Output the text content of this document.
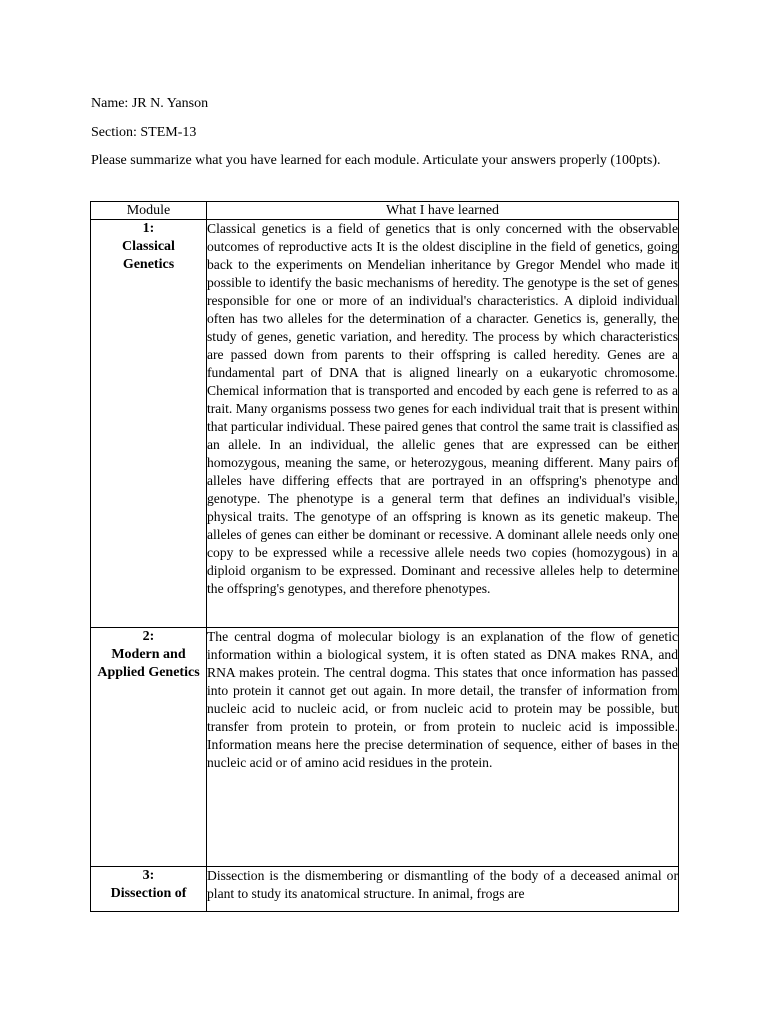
Name: JR N. Yanson
Section: STEM-13
Please summarize what you have learned for each module. Articulate your answers properly (100pts).
Module	What I have learned

1:
Classical Genetics	Classical genetics is a field of genetics that is only concerned with the observable outcomes of reproductive acts It is the oldest discipline in the field of genetics, going back to the experiments on Mendelian inheritance by Gregor Mendel who made it possible to identify the basic mechanisms of heredity. The genotype is the set of genes responsible for one or more of an individual's characteristics. A diploid individual often has two alleles for the determination of a character. Genetics is, generally, the study of genes, genetic variation, and heredity. The process by which characteristics are passed down from parents to their offspring is called heredity. Genes are a fundamental part of DNA that is aligned linearly on a eukaryotic chromosome. Chemical information that is transported and encoded by each gene is referred to as a trait. Many organisms possess two genes for each individual trait that is present within that particular individual. These paired genes that control the same trait is classified as an allele. In an individual, the allelic genes that are expressed can be either homozygous, meaning the same, or heterozygous, meaning different. Many pairs of alleles have differing effects that are portrayed in an offspring's phenotype and genotype. The phenotype is a general term that defines an individual's visible, physical traits. The genotype of an offspring is known as its genetic makeup. The alleles of genes can either be dominant or recessive. A dominant allele needs only one copy to be expressed while a recessive allele needs two copies (homozygous) in a diploid organism to be expressed. Dominant and recessive alleles help to determine the offspring's genotypes, and therefore phenotypes.

2:
Modern and Applied Genetics	The central dogma of molecular biology is an explanation of the flow of genetic information within a biological system, it is often stated as DNA makes RNA, and RNA makes protein. The central dogma. This states that once information has passed into protein it cannot get out again. In more detail, the transfer of information from nucleic acid to nucleic acid, or from nucleic acid to protein may be possible, but transfer from protein to protein, or from protein to nucleic acid is impossible. Information means here the precise determination of sequence, either of bases in the nucleic acid or of amino acid residues in the protein.

3:
Dissection of	Dissection is the dismembering or dismantling of the body of a deceased animal or plant to study its anatomical structure. In animal, frogs are
